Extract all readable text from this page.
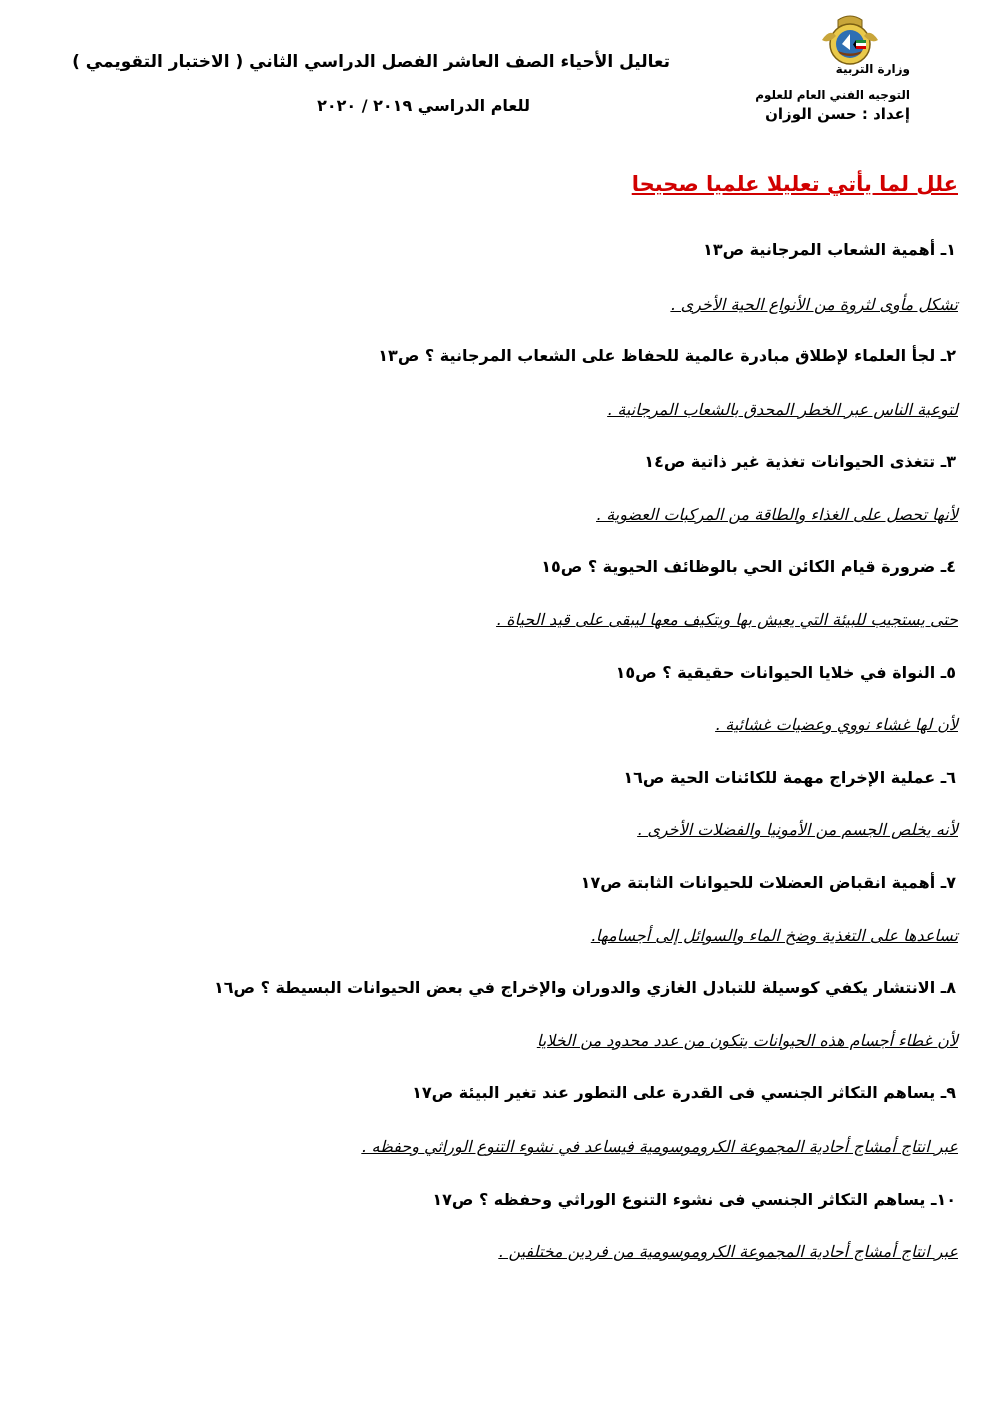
تعاليل الأحياء الصف العاشر الفصل الدراسي الثاني ( الاختبار التقويمي )
للعام الدراسي ٢٠١٩ / ٢٠٢٠
وزارة التربية
التوجيه الفني العام للعلوم
إعداد : حسن الوزان
علل لما يأتي تعليلا علميا صحيحا
١ـ أهمية الشعاب المرجانية ص١٣
تشكل مأوى لثروة من الأنواع الحية الأخرى .
٢ـ لجأ العلماء لإطلاق مبادرة عالمية للحفاظ على الشعاب المرجانية ؟ ص١٣
لتوعية الناس عبر الخطر المحدق بالشعاب المرجانية .
٣ـ تتغذى الحيوانات تغذية غير ذاتية ص١٤
لأنها تحصل على الغذاء والطاقة من المركبات العضوية .
٤ـ ضرورة قيام الكائن الحي بالوظائف الحيوية ؟ ص١٥
حتى يستجيب للبيئة التي يعيش بها ويتكيف معها ليبقى على قيد الحياة .
٥ـ النواة في خلايا الحيوانات حقيقية ؟ ص١٥
لأن لها غشاء نووي وعضيات غشائية .
٦ـ عملية الإخراج مهمة للكائنات الحية ص١٦
لأنه يخلص الجسم من الأمونيا والفضلات الأخرى .
٧ـ أهمية انقباض العضلات للحيوانات الثابتة ص١٧
تساعدها على التغذية وضخ الماء والسوائل إلى أجسامها.
٨ـ الانتشار يكفي كوسيلة للتبادل الغازي والدوران والإخراج في بعض الحيوانات البسيطة ؟ ص١٦
لأن غطاء أجسام هذه الحيوانات يتكون من عدد محدود من الخلايا
٩ـ يساهم التكاثر الجنسي فى القدرة على التطور عند تغير البيئة ص١٧
عبر انتاج أمشاج أحادية المجموعة الكروموسومية فيساعد في نشوء التنوع الوراثي وحفظه .
١٠ـ يساهم التكاثر الجنسي فى نشوء التنوع الوراثي وحفظه ؟ ص١٧
عبر انتاج أمشاج أحادية المجموعة الكروموسومية من فردين مختلفين .
